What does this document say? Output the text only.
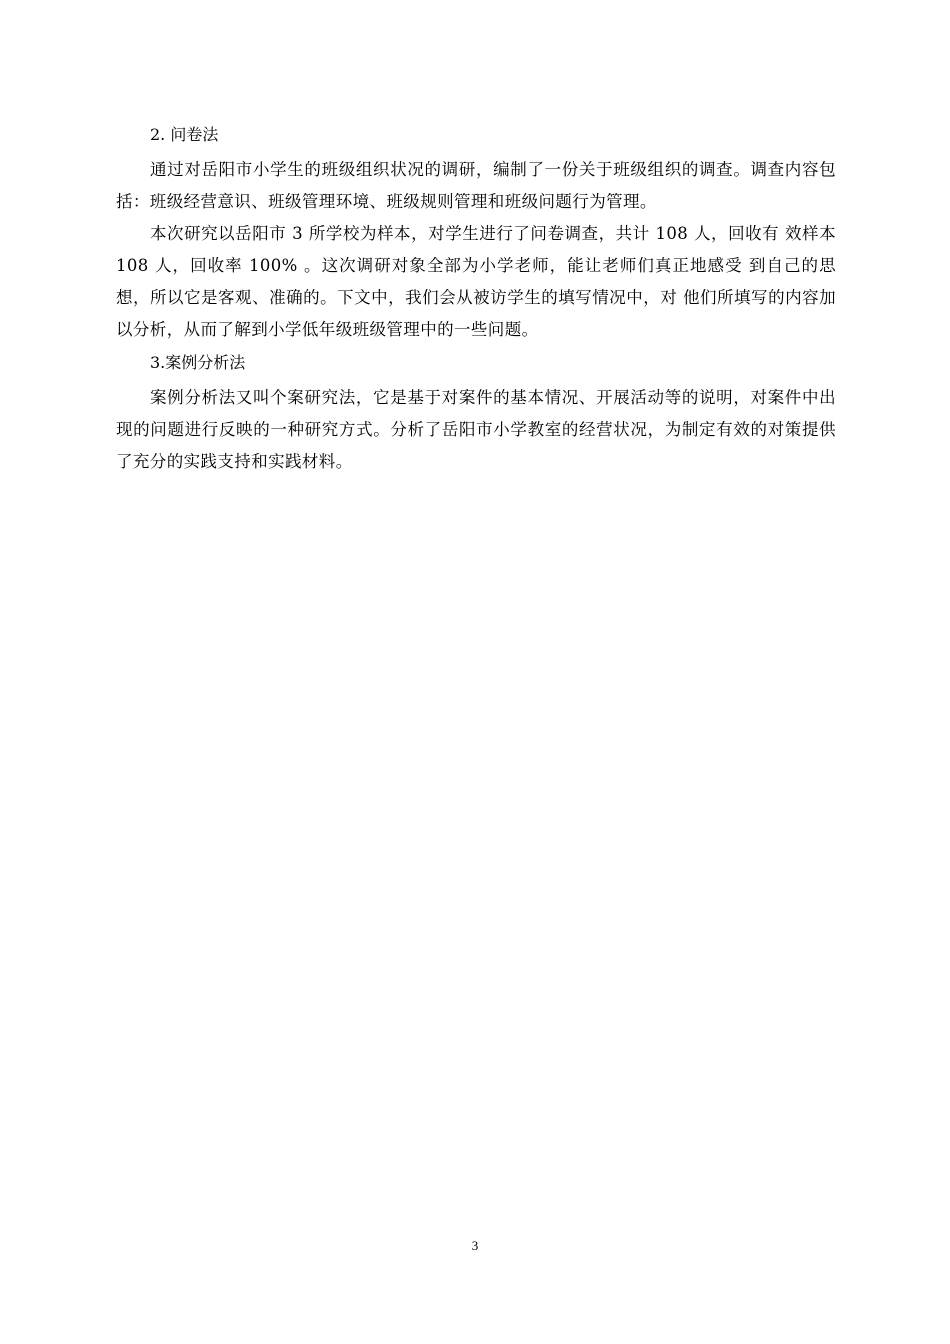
2. 问卷法

通过对岳阳市小学生的班级组织状况的调研，编制了一份关于班级组织的调查。调查内容包括：班级经营意识、班级管理环境、班级规则管理和班级问题行为管理。

本次研究以岳阳市 3 所学校为样本，对学生进行了问卷调查，共计 108 人，回收有 效样本 108 人，回收率 100% 。这次调研对象全部为小学老师，能让老师们真正地感受 到自己的思想，所以它是客观、准确的。下文中，我们会从被访学生的填写情况中，对 他们所填写的内容加以分析，从而了解到小学低年级班级管理中的一些问题。

3.案例分析法

案例分析法又叫个案研究法，它是基于对案件的基本情况、开展活动等的说明，对案件中出现的问题进行反映的一种研究方式。分析了岳阳市小学教室的经营状况，为制定有效的对策提供了充分的实践支持和实践材料。

3
